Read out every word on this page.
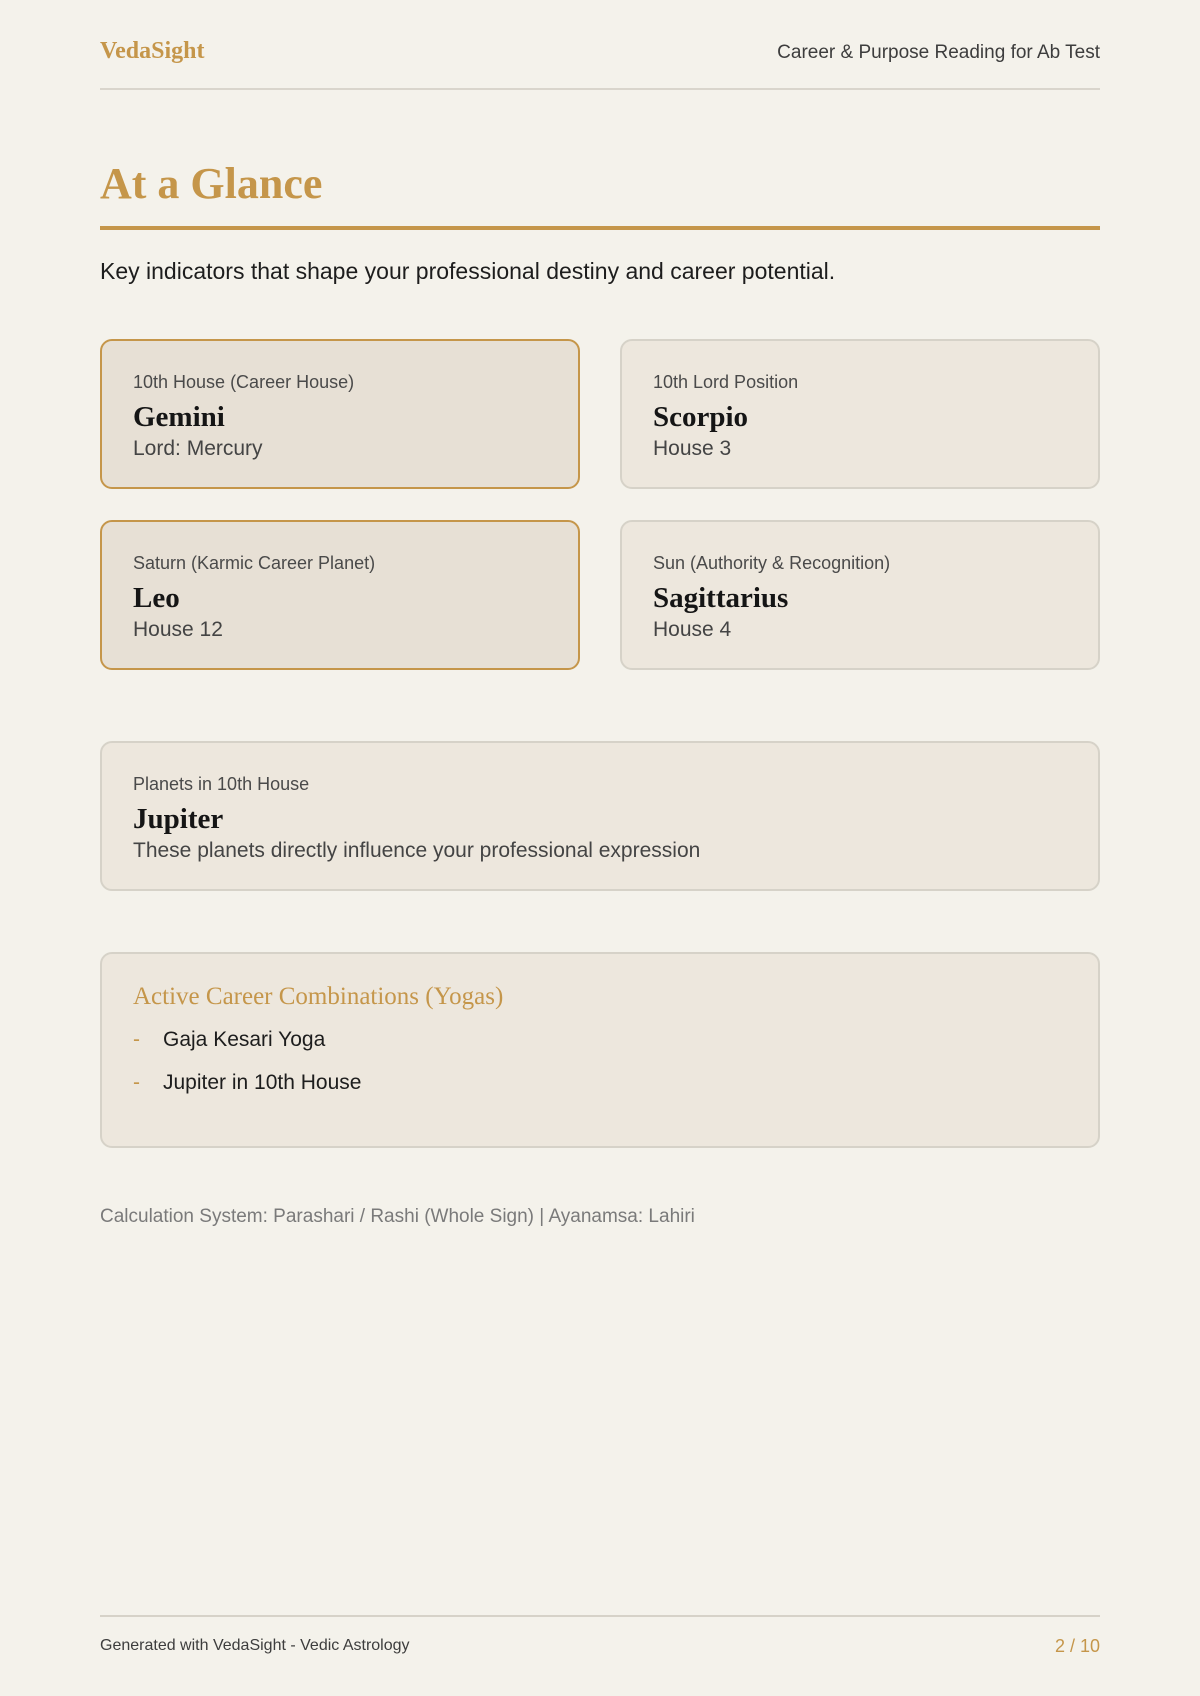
VedaSight	Career & Purpose Reading for Ab Test
At a Glance
Key indicators that shape your professional destiny and career potential.
10th House (Career House)
Gemini
Lord: Mercury
10th Lord Position
Scorpio
House 3
Saturn (Karmic Career Planet)
Leo
House 12
Sun (Authority & Recognition)
Sagittarius
House 4
Planets in 10th House
Jupiter
These planets directly influence your professional expression
Active Career Combinations (Yogas)
- Gaja Kesari Yoga
- Jupiter in 10th House
Calculation System: Parashari / Rashi (Whole Sign) | Ayanamsa: Lahiri
Generated with VedaSight - Vedic Astrology	2 / 10
